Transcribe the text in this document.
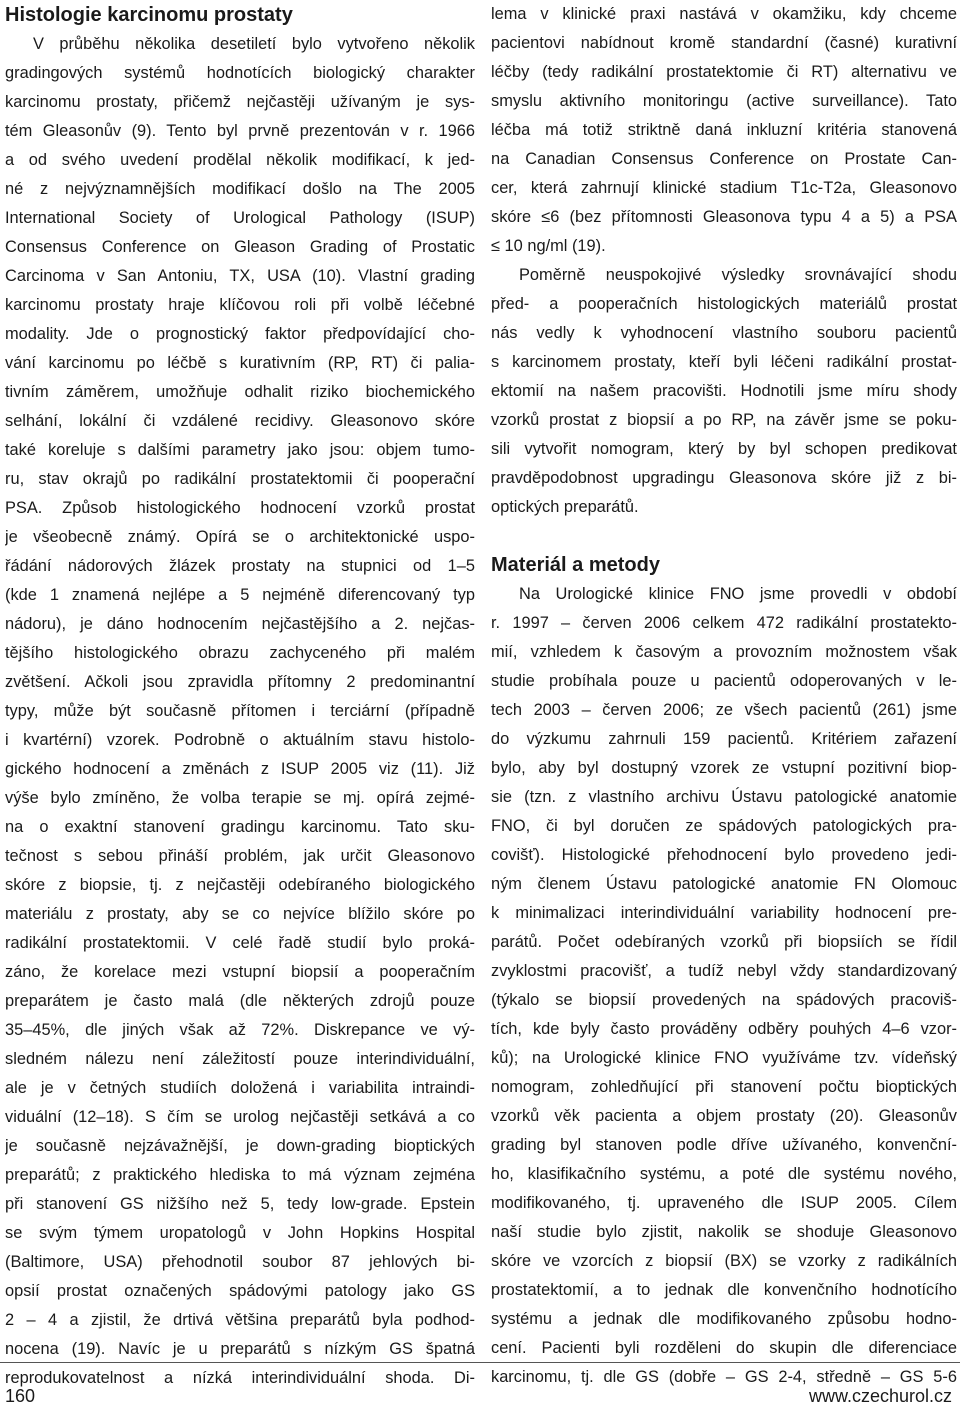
Histologie karcinomu prostaty
V průběhu několika desetiletí bylo vytvořeno několik
gradingových systémů hodnotících biologický charakter
karcinomu prostaty, přičemž nejčastěji užívaným je sys-
tém Gleasonův (9). Tento byl prvně prezentován v r. 1966
a od svého uvedení prodělal několik modifikací, k jed-
né z nejvýznamnějších modifikací došlo na The 2005
International Society of Urological Pathology (ISUP)
Consensus Conference on Gleason Grading of Prostatic
Carcinoma v San Antoniu, TX, USA (10). Vlastní grading
karcinomu prostaty hraje klíčovou roli při volbě léčebné
modality. Jde o prognostický faktor předpovídající cho-
vání karcinomu po léčbě s kurativním (RP, RT) či palia-
tivním záměrem, umožňuje odhalit riziko biochemického
selhání, lokální či vzdálené recidivy. Gleasonovo skóre
také koreluje s dalšími parametry jako jsou: objem tumo-
ru, stav okrajů po radikální prostatektomii či pooperační
PSA. Způsob histologického hodnocení vzorků prostat
je všeobecně známý. Opírá se o architektonické uspo-
řádání nádorových žlázek prostaty na stupnici od 1–5
(kde 1 znamená nejlépe a 5 nejméně diferencovaný typ
nádoru), je dáno hodnocením nejčastějšího a 2. nejčas-
tějšího histologického obrazu zachyceného při malém
zvětšení. Ačkoli jsou zpravidla přítomny 2 predominantní
typy, může být současně přítomen i terciární (případně
i kvartérní) vzorek. Podrobně o aktuálním stavu histolo-
gického hodnocení a změnách z ISUP 2005 viz (11). Již
výše bylo zmíněno, že volba terapie se mj. opírá zejmé-
na o exaktní stanovení gradingu karcinomu. Tato sku-
tečnost s sebou přináší problém, jak určit Gleasonovo
skóre z biopsie, tj. z nejčastěji odebíraného biologického
materiálu z prostaty, aby se co nejvíce blížilo skóre po
radikální prostatektomii. V celé řadě studií bylo proká-
záno, že korelace mezi vstupní biopsií a pooperačním
preparátem je často malá (dle některých zdrojů pouze
35–45%, dle jiných však až 72%. Diskrepance ve vý-
sledném nálezu není záležitostí pouze interindividuální,
ale je v četných studiích doložená i variabilita intraindi-
viduální (12–18). S čím se urolog nejčastěji setkává a co
je současně nejzávažnější, je down-grading bioptických
preparátů; z praktického hlediska to má význam zejména
při stanovení GS nižšího než 5, tedy low-grade. Epstein
se svým týmem uropatologů v John Hopkins Hospital
(Baltimore, USA) přehodnotil soubor 87 jehlových bi-
opsií prostat označených spádovými patology jako GS
2 – 4 a zjistil, že drtivá většina preparátů byla podhod-
nocena (19). Navíc je u preparátů s nízkým GS špatná
reprodukovatelnost a nízká interindividuální shoda. Di-
lema v klinické praxi nastává v okamžiku, kdy chceme
pacientovi nabídnout kromě standardní (časné) kurativní
léčby (tedy radikální prostatektomie či RT) alternativu ve
smyslu aktivního monitoringu (active surveillance). Tato
léčba má totiž striktně daná inkluzní kritéria stanovená
na Canadian Consensus Conference on Prostate Can-
cer, která zahrnují klinické stadium T1c-T2a, Gleasonovo
skóre ≤6 (bez přítomnosti Gleasonova typu 4 a 5) a PSA
≤ 10 ng/ml (19).
Poměrně neuspokojivé výsledky srovnávající shodu
před- a pooperačních histologických materiálů prostat
nás vedly k vyhodnocení vlastního souboru pacientů
s karcinomem prostaty, kteří byli léčeni radikální prostat-
ektomií na našem pracovišti. Hodnotili jsme míru shody
vzorků prostat z biopsií a po RP, na závěr jsme se poku-
sili vytvořit nomogram, který by byl schopen predikovat
pravděpodobnost upgradingu Gleasonova skóre již z bi-
optických preparátů.
Materiál a metody
Na Urologické klinice FNO jsme provedli v období
r. 1997 – červen 2006 celkem 472 radikální prostatekto-
mií, vzhledem k časovým a provozním možnostem však
studie probíhala pouze u pacientů odoperovaných v le-
tech 2003 – červen 2006; ze všech pacientů (261) jsme
do výzkumu zahrnuli 159 pacientů. Kritériem zařazení
bylo, aby byl dostupný vzorek ze vstupní pozitivní biop-
sie (tzn. z vlastního archivu Ústavu patologické anatomie
FNO, či byl doručen ze spádových patologických pra-
covišť). Histologické přehodnocení bylo provedeno jedi-
ným členem Ústavu patologické anatomie FN Olomouc
k minimalizaci interindividuální variability hodnocení pre-
parátů. Počet odebíraných vzorků při biopsiích se řídil
zvyklostmi pracovišť, a tudíž nebyl vždy standardizovaný
(týkalo se biopsií provedených na spádových pracoviš-
tích, kde byly často prováděny odběry pouhých 4–6 vzor-
ků); na Urologické klinice FNO využíváme tzv. vídeňský
nomogram, zohledňující při stanovení počtu bioptických
vzorků věk pacienta a objem prostaty (20). Gleasonův
grading byl stanoven podle dříve užívaného, konvenční-
ho, klasifikačního systému, a poté dle systému nového,
modifikovaného, tj. upraveného dle ISUP 2005. Cílem
naší studie bylo zjistit, nakolik se shoduje Gleasonovo
skóre ve vzorcích z biopsií (BX) se vzorky z radikálních
prostatektomií, a to jednak dle konvenčního hodnotícího
systému a jednak dle modifikovaného způsobu hodno-
cení. Pacienti byli rozděleni do skupin dle diferenciace
karcinomu, tj. dle GS (dobře – GS 2-4, středně – GS 5-6
160	www.czechurol.cz
